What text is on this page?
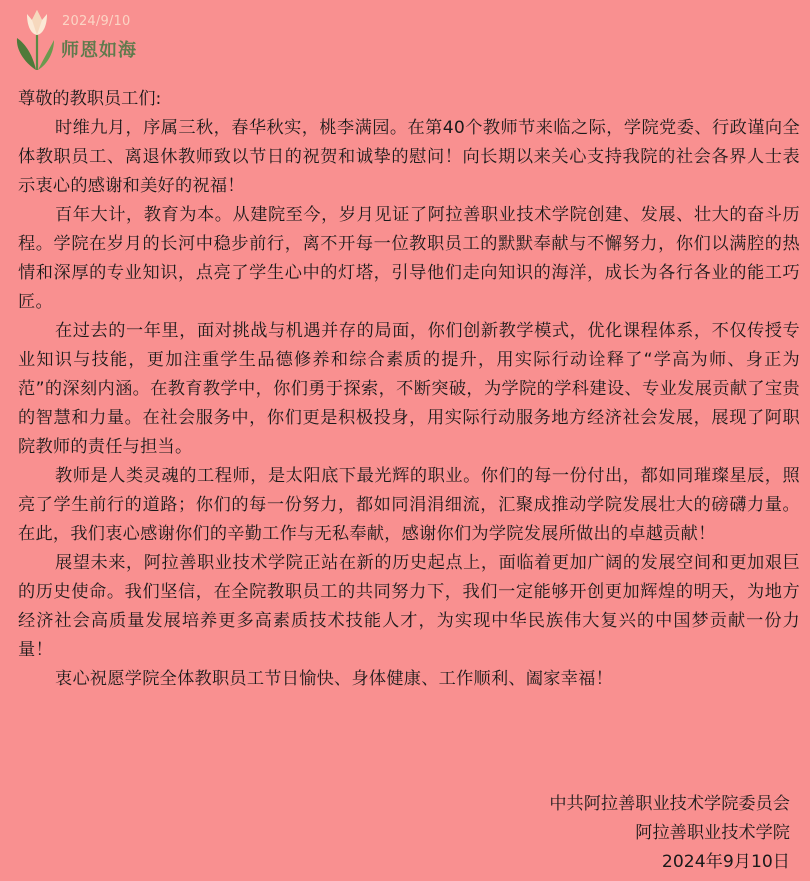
2024/9/10
师恩如海

尊敬的教职员工们:

时维九月，序属三秋，春华秋实，桃李满园。在第40个教师节来临之际，学院党委、行政谨向全体教职员工、离退休教师致以节日的祝贺和诚挚的慰问！向长期以来关心支持我院的社会各界人士表示衷心的感谢和美好的祝福！

百年大计，教育为本。从建院至今，岁月见证了阿拉善职业技术学院创建、发展、壮大的奋斗历程。学院在岁月的长河中稳步前行，离不开每一位教职员工的默默奉献与不懈努力，你们以满腔的热情和深厚的专业知识，点亮了学生心中的灯塔，引导他们走向知识的海洋，成长为各行各业的能工巧匠。

在过去的一年里，面对挑战与机遇并存的局面，你们创新教学模式，优化课程体系，不仅传授专业知识与技能，更加注重学生品德修养和综合素质的提升，用实际行动诠释了“学高为师、身正为范”的深刻内涵。在教育教学中，你们勇于探索，不断突破，为学院的学科建设、专业发展贡献了宝贵的智慧和力量。在社会服务中，你们更是积极投身，用实际行动服务地方经济社会发展，展现了阿职院教师的责任与担当。

教师是人类灵魂的工程师，是太阳底下最光辉的职业。你们的每一份付出，都如同璀璨星辰，照亮了学生前行的道路；你们的每一份努力，都如同涓涓细流，汇聚成推动学院发展壮大的磅礴力量。在此，我们衷心感谢你们的辛勤工作与无私奉献，感谢你们为学院发展所做出的卓越贡献！

展望未来，阿拉善职业技术学院正站在新的历史起点上，面临着更加广阔的发展空间和更加艰巨的历史使命。我们坚信，在全院教职员工的共同努力下，我们一定能够开创更加辉煌的明天，为地方经济社会高质量发展培养更多高素质技术技能人才，为实现中华民族伟大复兴的中国梦贡献一份力量！

衷心祝愿学院全体教职员工节日愉快、身体健康、工作顺利、阖家幸福！

中共阿拉善职业技术学院委员会
阿拉善职业技术学院
2024年9月10日
